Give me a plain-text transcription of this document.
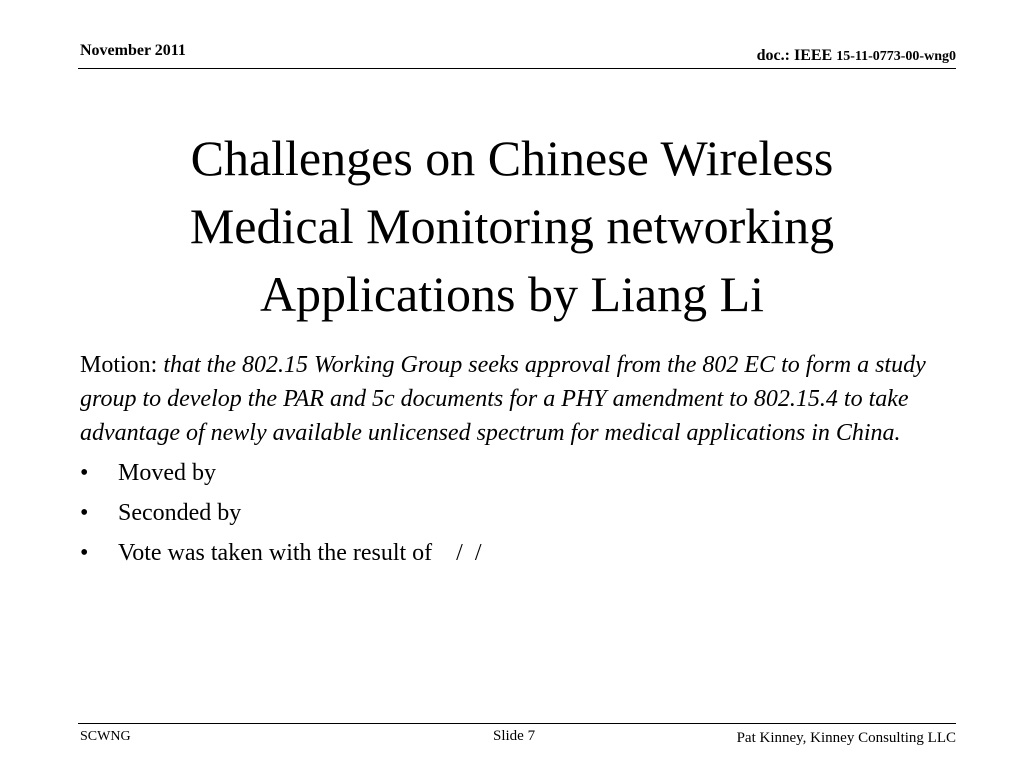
November 2011	doc.: IEEE 15-11-0773-00-wng0
Challenges on Chinese Wireless
Medical Monitoring networking
Applications by Liang Li

Motion: that the 802.15 Working Group seeks approval from the 802 EC to form a study group to develop the PAR and 5c documents for a PHY amendment to 802.15.4 to take advantage of newly available unlicensed spectrum for medical applications in China.

• Moved by
• Seconded by
• Vote was taken with the result of    /  /
SCWNG	Slide 7	Pat Kinney, Kinney Consulting LLC
